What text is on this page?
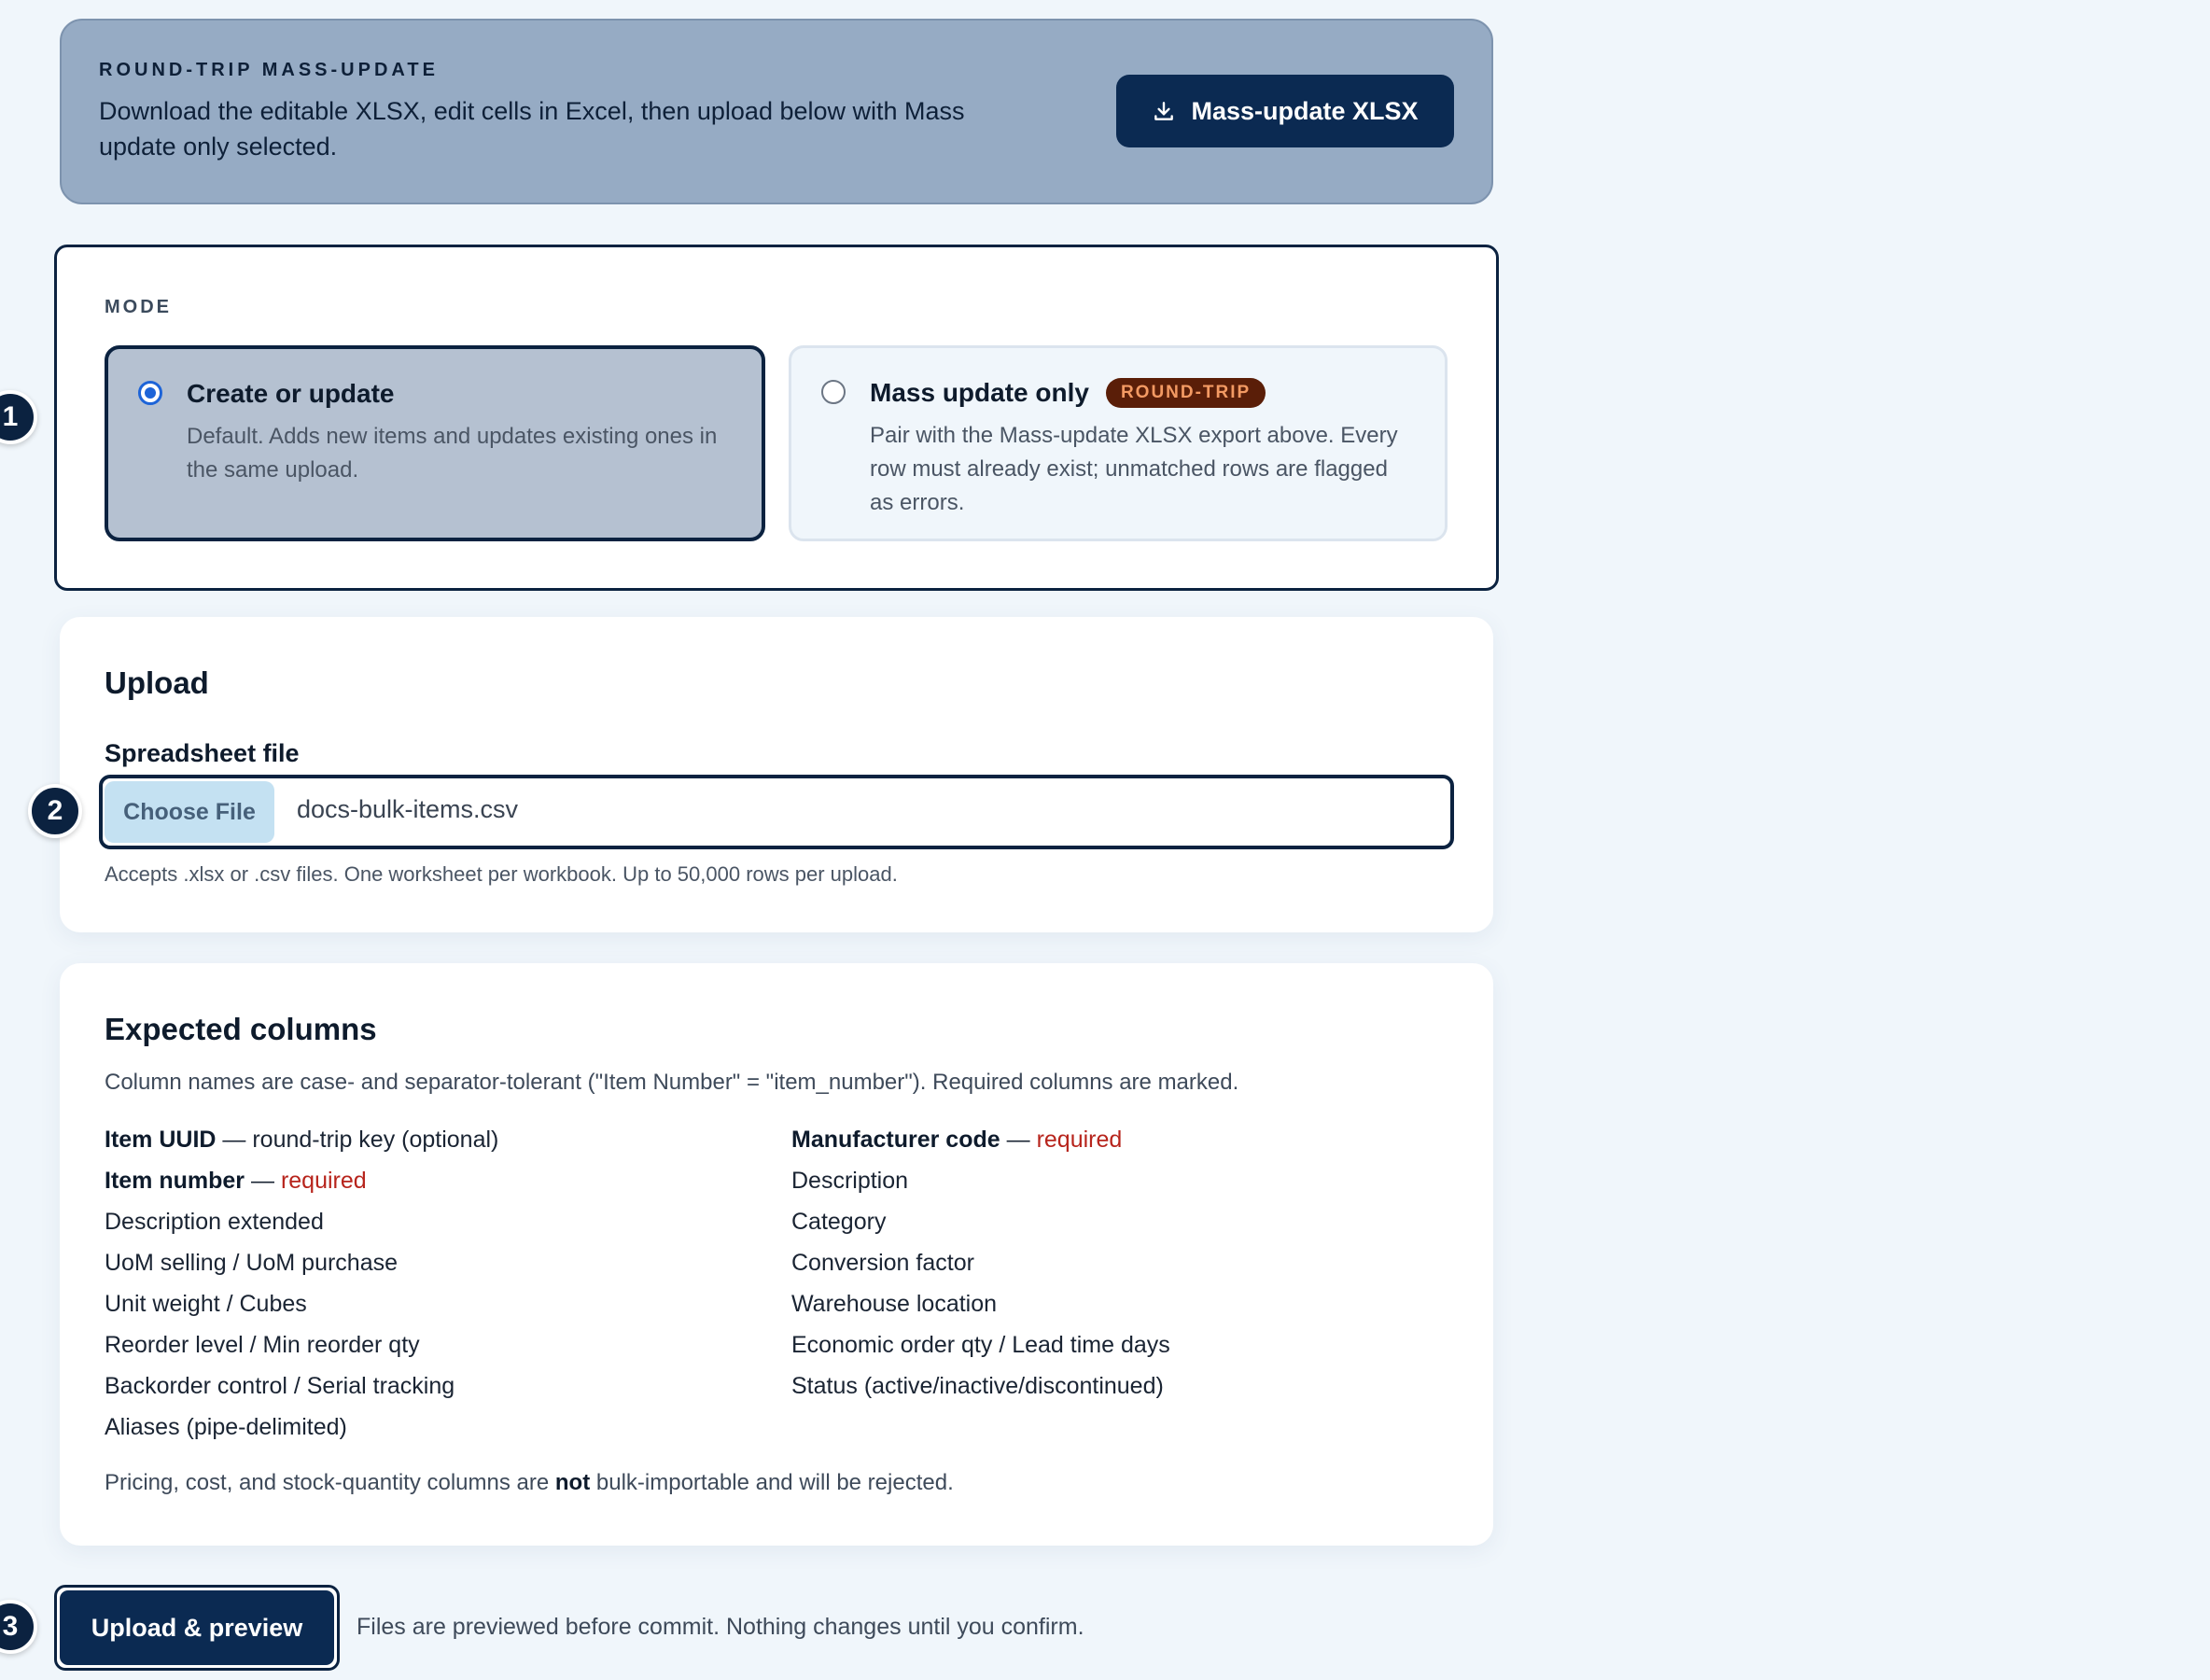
ROUND-TRIP MASS-UPDATE
Download the editable XLSX, edit cells in Excel, then upload below with Mass update only selected.
Mass-update XLSX
MODE
Create or update
Default. Adds new items and updates existing ones in the same upload.
Mass update only	ROUND-TRIP
Pair with the Mass-update XLSX export above. Every row must already exist; unmatched rows are flagged as errors.
1
Upload
Spreadsheet file
Choose File	docs-bulk-items.csv
Accepts .xlsx or .csv files. One worksheet per workbook. Up to 50,000 rows per upload.
2
Expected columns
Column names are case- and separator-tolerant ("Item Number" = "item_number"). Required columns are marked.
Item UUID — round-trip key (optional)
Item number — required
Description extended
UoM selling / UoM purchase
Unit weight / Cubes
Reorder level / Min reorder qty
Backorder control / Serial tracking
Aliases (pipe-delimited)
Manufacturer code — required
Description
Category
Conversion factor
Warehouse location
Economic order qty / Lead time days
Status (active/inactive/discontinued)
Pricing, cost, and stock-quantity columns are not bulk-importable and will be rejected.
Upload & preview	Files are previewed before commit. Nothing changes until you confirm.
3
